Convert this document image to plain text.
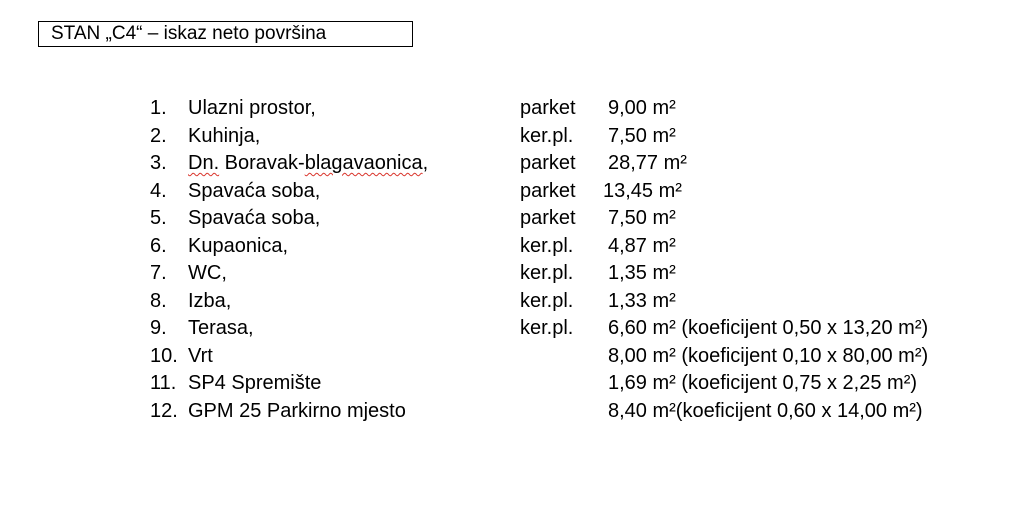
STAN „C4“ – iskaz neto površina
1. Ulazni prostor,	parket 9,00 m²
2. Kuhinja,	ker.pl. 7,50 m²
3. Dn. Boravak-blagavaonica,	parket 28,77 m²
4. Spavaća soba,	parket 13,45 m²
5. Spavaća soba,	parket 7,50 m²
6. Kupaonica,	ker.pl. 4,87 m²
7. WC,	ker.pl. 1,35 m²
8. Izba,	ker.pl. 1,33 m²
9. Terasa,	ker.pl. 6,60 m² (koeficijent 0,50 x 13,20 m²)
10. Vrt	8,00 m² (koeficijent 0,10 x 80,00 m²)
11. SP4 Spremište	1,69 m² (koeficijent 0,75 x 2,25 m²)
12. GPM 25 Parkirno mjesto	8,40 m²(koeficijent 0,60 x 14,00 m²)
